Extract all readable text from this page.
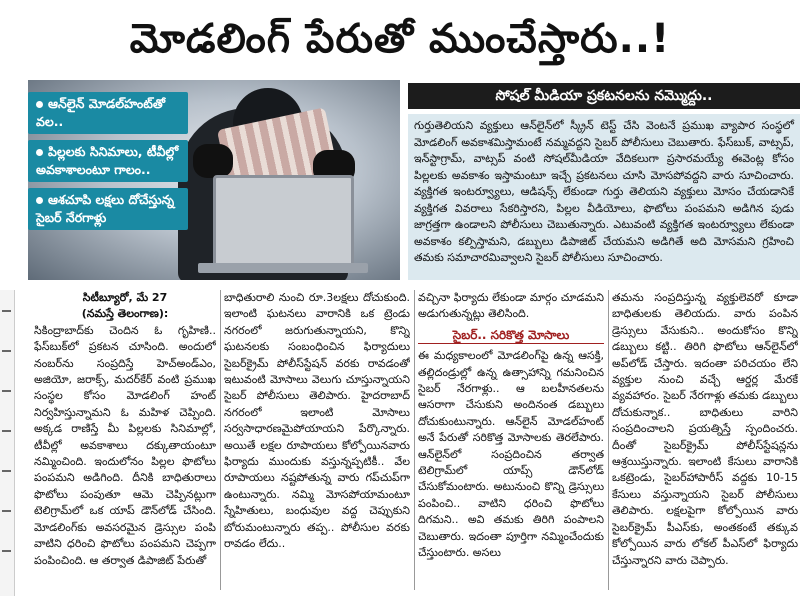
మోడలింగ్ పేరుతో ముంచేస్తారు..!
ఆన్‌లైన్ మోడల్‌హంట్‌తో వల..
పిల్లలకు సినిమాలు, టీవీల్లో అవకాశాలంటూ గాలం..
ఆశచూపి లక్షలు దోచేస్తున్న సైబర్ నేరగాళ్లు
సోషల్ మీడియా ప్రకటనలను నమ్మొద్దు..
గుర్తుతెలియని వ్యక్తులు ఆన్‌లైన్‌లో స్క్రీన్ టెస్ట్ చేసి వెంటనే ప్రముఖ వ్యాపార సంస్థలో మోడలింగ్ అవకాశమిస్తామంటే నమ్మవద్దని సైబర్ పోలీసులు చెబుతారు. ఫేస్‌బుక్, వాట్సప్, ఇన్‌స్టాగ్రామ్, వాట్సప్ వంటి సోషల్‌మీడియా వేదికలుగా ప్రసారమయ్యే ఈవెంట్ల కోసం పిల్లలకు అవకాశం ఇస్తామంటూ ఇచ్చే ప్రకటనలు చూసి మోసపోవద్దని వారు సూచించారు. వ్యక్తిగత ఇంటర్వ్యూలు, ఆడిషన్స్ లేకుండా గుర్తు తెలియని వ్యక్తులు మోసం చేయడానికే వ్యక్తిగత వివరాలు సేకరిస్తారని, పిల్లల వీడియోలు, ఫొటోలు పంపమని అడిగిన పుడు జాగ్రత్తగా ఉండాలని పోలీసులు చెబుతున్నారు. ఎటువంటి వ్యక్తిగత ఇంటర్వ్యూలు లేకుండా అవకాశం కల్పిస్తామని, డబ్బులు డిపాజిట్ చేయమని అడిగితే అది మోసమని గ్రహించి తమకు సమాచారమివ్వాలని సైబర్ పోలీసులు సూచించారు.
సిటీబ్యూరో, మే 27
(నమస్తే తెలంగాణ):

సికింద్రాబాద్‌కు చెందిన ఓ గృహిణి.. ఫేస్‌బుక్‌లో ప్రకటన చూసింది. అందులో నంబర్‌ను సంప్రదిస్తే హెచ్‌అండ్‌ఎం, అజియో, జరాక్స్, మదర్‌కేర్ వంటి ప్రముఖ సంస్థల కోసం మోడలింగ్ హంట్ నిర్వహిస్తున్నామని ఓ మహిళ చెప్పింది. అక్కడ రాణిస్తే మీ పిల్లలకు సినిమాల్లో, టీవీల్లో అవకాశాలు దక్కుతాయంటూ నమ్మించింది. ఇందులోనం పిల్లల ఫొటోలు పంపమని అడిగింది. దీనికి బాధితురాలు ఫొటోలు పంపుతూ ఆమె చెప్పినట్లుగా టెలిగ్రామ్‌లో ఒక యాప్ డౌన్‌లోడ్ చేసింది. మోడలింగ్‌కు అవసరమైన డ్రెస్సుల పంపి వాటిని ధరించి ఫొటోలు పంపమని చెప్పగా పంపించింది. ఆ తర్వాత డిపాజిట్ పేరుతో

బాధితురాలి నుంచి రూ.3లక్షలు దోచుకుంది. ఇలాంటి ఘటనలు వారానికి ఒక ట్రెండు నగరంలో జరుగుతున్నాయని, కొన్ని ఘటనలకు సంబంధించిన ఫిర్యాదులు సైబర్‌క్రైమ్ పోలీస్‌స్టేషన్ వరకు రావడంతో ఇటువంటి మోసాలు వెలుగు చూస్తున్నాయని సైబర్ పోలీసులు తెలిపారు. హైదరాబాద్ నగరంలో ఇలాంటి మోసాలు సర్వసాధారణమైపోయాయని పేర్కొన్నారు. అయితే లక్షల రూపాయలు కోల్పోయినవారు ఫిర్యాదు ముందుకు వస్తున్నప్పటికీ.. వేల రూపాయలు నష్టపోతున్న వారు గప్‌చుప్‌గా ఉంటున్నారు. నమ్మి మోసపోయామంటూ స్నేహితులు, బంధువుల వద్ద చెప్పుకుని బోరుమంటున్నారు తప్ప.. పోలీసుల వరకు రావడం లేదు..

వచ్చినా ఫిర్యాదు లేకుండా మార్గం చూడమని అడుగుతున్నట్లు తెలిసింది.

సైబర్.. సరికొత్త మోసాలు

ఈ మధ్యకాలంలో మోడలింగ్‌పై ఉన్న ఆసక్తి, తల్లిదండ్రుల్లో ఉన్న ఉత్సాహాన్ని గమనించిన సైబర్ నేరగాళ్లు.. ఆ బలహీనతలను ఆసరాగా చేసుకుని అందినంత డబ్బులు దోచుకుంటున్నారు. ఆన్‌లైన్ మోడల్‌హంట్ అనే పేరుతో సరికొత్త మోసాలకు తెరలేపారు. ఆన్‌లైన్‌లో సంప్రదించిన తర్వాత టెలిగ్రామ్‌లో యాప్స్ డౌన్‌లోడ్ చేసుకోమంటారు. అటునుంచి కొన్ని డ్రెస్సులు పంపించి.. వాటిని ధరించి ఫొటోలు దిగమని.. అవి తమకు తిరిగి పంపాలని చెబుతారు. ఇదంతా పూర్తిగా నమ్మించేందుకు చేస్తుంటారు. అసలు

తమను సంప్రదిస్తున్న వ్యక్తులెవరో కూడా బాధితులకు తెలియదు. వారు పంపిన డ్రెస్సులు వేసుకుని.. అందుకోసం కొన్ని డబ్బులు కట్టి.. తిరిగి ఫొటోలు ఆన్‌లైన్‌లో అప్‌లోడ్ చేస్తారు. ఇదంతా పరిచయం లేని వ్యక్తుల నుంచి వచ్చే ఆర్డర్ల మేరకే వ్యవహారం. సైబర్ నేరగాళ్లు తమకు డబ్బులు దోచుకున్నాక.. బాధితులు వారిని సంప్రదించాలని ప్రయత్నిస్తే స్పందించరు. దీంతో సైబర్‌క్రైమ్ పోలీస్‌స్టేషన్లను ఆశ్రయిస్తున్నారు. ఇలాంటి కేసులు వారానికి ఒకట్రెండు, సైబర్‌హాపారీస్‌ వద్దకు 10-15 కేసులు వస్తున్నాయని సైబర్ పోలీసులు తెలిపారు. లక్షలపైగా కోల్పోయిన వారు సైబర్‌క్రైమ్ పీఎస్‌కు, అంతకంటే తక్కువ కోల్పోయిన వారు లోకల్ పీఎస్‌లో ఫిర్యాదు చేస్తున్నారని వారు చెప్పారు.
